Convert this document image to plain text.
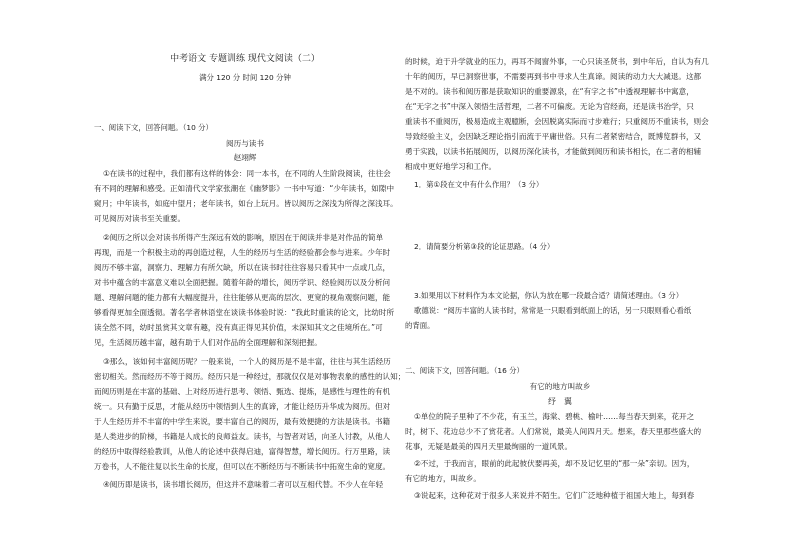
中考语文 专题训练 现代文阅读（二）
满分 120 分 时间 120 分钟
一、阅读下文，回答问题。（10 分）
阅历与读书
赵翊辉
①在读书的过程中，我们都有这样的体会：同一本书，在不同的人生阶段阅读，往往会
有不同的理解和感受。正如清代文学家张潮在《幽梦影》一书中写道：“少年读书，如隙中
窥月；中年读书，如庭中望月；老年读书，如台上玩月。皆以阅历之深浅为所得之深浅耳。
可见阅历对读书至关重要。
②阅历之所以会对读书所得产生深远有效的影响，原因在于阅读并非是对作品的简单
再现，而是一个积极主动的再创造过程，人生的经历与生活的经验都会参与进来。少年时
阅历不够丰富，洞察力、理解力有所欠缺，所以在读书时往往容易只看其中一点或几点，
对书中蕴含的丰富意义难以全面把握。随着年龄的增长，阅历学识、经验阅历以及分析问
题、理解问题的能力都有大幅度提升，往往能够从更高的层次、更宽的视角观察问题，能
够看得更加全面透彻。著名学者林语堂在谈读书体验时说：“我此时重读的论文，比幼时所
读全然不同，幼时虽赏其文章有趣，没有真正得见其价值，未深知其文之佳境所在。”可
见，生活阅历越丰富，越有助于人们对作品的全面理解和深刻把握。
③那么，该如何丰富阅历呢？一般来说，一个人的阅历是不是丰富，往往与其生活经历
密切相关。然而经历不等于阅历。经历只是一种经过，那就仅仅是对事物表象的感性的认知；
而阅历则是在丰富的基础、上对经历进行思考、领悟、甄选、提炼，是感性与理性的有机
统一。只有勤于反思，才能从经历中领悟到人生的真谛，才能让经历升华成为阅历。但对
于人生经历并不丰富的中学生来说，要丰富自己的阅历，最有效便捷的方法是读书。书籍
是人类进步的阶梯，书籍是人成长的良师益友。读书，与智者对话，向圣人讨教，从他人
的经历中取得经验教训，从他人的论述中获得启迪，富得智慧，增长阅历。行万里路，读
万卷书，人不能往复以长生命的长度，但可以在不断经历与不断读书中拓宽生命的宽度。
④阅历即是读书，读书增长阅历，但这并不意味着二者可以互相代替。不少人在年轻
的时候，迫于升学就业的压力，再耳不闻窗外事，一心只读圣贤书，到中年后，自认为有几
十年的阅历，早已洞察世事，不需要再到书中寻求人生真谛。阅读的动力大大减退。这都
是不对的。读书和阅历都是获取知识的重要源泉，在“有字之书”中透视理解书中寓意，
在“无字之书”中深入领悟生活哲理，二者不可偏废。无论为官经商，还是读书治学，只
重读书不重阅历，极易造成主观臆断，会因脱离实际而寸步难行；只重阅历不重读书，则会
导致经验主义，会因缺乏理论指引而流于平庸世俗。只有二者紧密结合，既博览群书，又
勇于实践，以读书拓展阅历，以阅历深化读书，才能做到阅历和读书相长，在二者的相辅
相成中更好地学习和工作。
1．第①段在文中有什么作用？（3 分）
2．请简要分析第③段的论证思路。（4 分）
3.如果用以下材料作为本文论据，你认为放在哪一段最合适？请简述理由。（3 分）
歌德说：“阅历丰富的人读书时，常常是一只眼看到纸面上的话，另一只眼则看心看纸
的背面。
二、阅读下文，回答问题。（16 分）
有它的地方叫故乡
纾　翼
①单位的院子里种了不少花，有玉兰，海棠、碧桃、榆叶……每当春天到来，花开之
时，树下、花边总少不了赏花者。人们常说，最美人间四月天。想来，春天里那些盛大的
花事，无疑是最美的四月天里最绚丽的一道风景。
②不过，于我而言，眼前的此起彼伏要再美，却不及记忆里的“那一朵”亲切。因为，
有它的地方，叫故乡。
③说起来，这种花对于很多人来说并不陌生。它们广泛地种植于祖国大地上，每到春
